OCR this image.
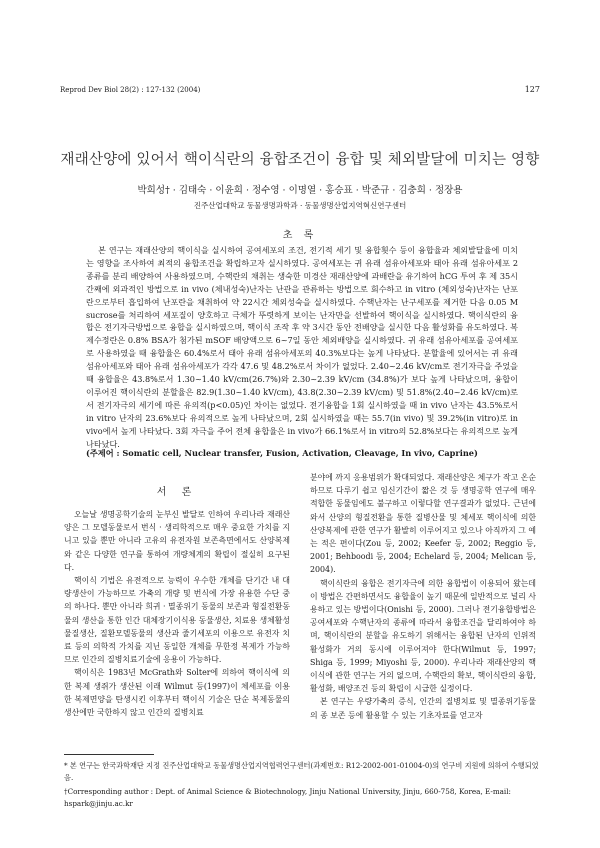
Reprod Dev Biol 28(2) : 127-132 (2004)	127
재래산양에 있어서 핵이식란의 융합조건이 융합 및 체외발달에 미치는 영향
박희성† · 김태숙 · 이윤희 · 정수영 · 이명열 · 홍승표 · 박준규 · 김충희 · 정장용
진주산업대학교 동물생명과학과 · 동물생명산업지역혁신연구센터
초 록

본 연구는 재래산양의 핵이식을 실시하여 공여세포의 조건, 전기적 세기 및 융합횟수 등이 융합율과 체외발달율에 미치는 영향을 조사하여 최적의 융합조건을 확립하고자 실시하였다. 공여세포는 귀 유래 섬유아세포와 태아 유래 섬유아세포 2종류를 분리 배양하여 사용하였으며, 수핵란의 채취는 생숙한 미경산 재래산양에 과배란을 유기하여 hCG 투여 후 제 35시간째에 외과적인 방법으로 in vivo (체내성숙)난자는 난관을 관류하는 방법으로 회수하고 in vitro (체외성숙)난자는 난포란으로부터 흡입하여 난포란을 채취하여 약 22시간 체외성숙을 실시하였다. 수핵난자는 난구세포를 제거한 다음 0.05 M sucrose를 처리하여 세포질이 양호하고 극체가 뚜렷하게 보이는 난자만을 선발하여 핵이식을 실시하였다. 핵이식란의 융합은 전기자극방법으로 융합을 실시하였으며, 핵이식 조작 후 약 3시간 동안 전배양을 실시한 다음 활성화를 유도하였다. 복제수정란은 0.8% BSA가 첨가된 mSOF 배양액으로 6~7일 동안 체외배양을 실시하였다. 귀 유래 섬유아세포를 공여세포로 사용하였을 때 융합율은 60.4%로서 태아 유래 섬유아세포의 40.3%보다는 높게 나타났다. 분할율에 있어서는 귀 유래 섬유아세포와 태아 유래 섬유아세포가 각각 47.6 및 48.2%로서 차이가 없었다. 2.40~2.46 kV/cm로 전기자극을 주었을 때 융합율은 43.8%로서 1.30~1.40 kV/cm(26.7%)와 2.30~2.39 kV/cm (34.8%)가 보다 높게 나타났으며, 융합이 이루어진 핵이식란의 분할율은 82.9(1.30~1.40 kV/cm), 43.8(2.30~2.39 kV/cm) 및 51.8%(2.40~2.46 kV/cm)로서 전기자극의 세기에 따른 유의적(p<0.05)인 차이는 없었다. 전기융합을 1회 실시하였을 때 in vivo 난자는 43.5%로서 in vitro 난자의 23.6%보다 유의적으로 높게 나타났으며, 2회 실시하였을 때는 55.7(in vivo) 및 39.2%(in vitro)로 in vivo에서 높게 나타났다. 3회 자극을 주어 전체 융합율은 in vivo가 66.1%로서 in vitro의 52.8%보다는 유의적으로 높게 나타났다.

(주제어 : Somatic cell, Nuclear transfer, Fusion, Activation, Cleavage, In vivo, Caprine)
서 론

오늘날 생명공학기술의 눈부신 발달로 인하여 우리나라 재래산양은 그 모델동물로서 번식 · 생리학적으로 매우 중요한 가치를 지니고 있을 뿐만 아니라 고유의 유전자원 보존측면에서도 산양복제와 같은 다양한 연구를 통하여 개량체계의 확립이 절실히 요구된다.

핵이식 기법은 유전적으로 능력이 우수한 개체를 단기간 내 대량생산이 가능하므로 가축의 개량 및 번식에 가장 유용한 수단 중의 하나다. 뿐만 아니라 희귀 · 멸종위기 동물의 보존과 형질전환동물의 생산을 통한 인간 대체장기이식용 동물생산, 치료용 생체활성물질생산, 질환모델동물의 생산과 줄기세포의 이용으로 유전자 치료 등의 의학적 가치를 지닌 동일한 개체를 무한정 복제가 가능하므로 인간의 질병치료기술에 응용이 가능하다.

핵이식은 1983년 McGrath와 Solter에 의하여 핵이식에 의한 복제 생쥐가 생산된 이래 Wilmut 등(1997)이 체세포를 이용한 복제면양을 탄생시킨 이후부터 핵이식 기술은 단순 복제동물의 생산에만 국한하지 않고 인간의 질병치료

분야에 까지 응용범위가 확대되었다. 재래산양은 체구가 작고 온순하므로 다루기 쉽고 임신기간이 짧은 것 등 생명공학 연구에 매우 적합한 동물임에도 불구하고 이렇다할 연구결과가 없었다. 근년에 와서 산양의 형질전환을 통한 질병산물 및 체세포 핵이식에 의한 산양복제에 관한 연구가 활발히 이루어지고 있으나 아직까지 그 예는 적은 편이다(Zou 등, 2002; Keefer 등, 2002; Reggio 등, 2001; Behboodi 등, 2004; Echelard 등, 2004; Melican 등, 2004).

핵이식란의 융합은 전기자극에 의한 융합법이 이용되어 왔는데 이 방법은 간편하면서도 융합율이 높기 때문에 일반적으로 널리 사용하고 있는 방법이다(Onishi 등, 2000). 그러나 전기융합방법은 공여세포와 수핵난자의 종류에 따라서 융합조건을 달리하여야 하며, 핵이식란의 분할을 유도하기 위해서는 융합된 난자의 인위적 활성화가 거의 동시에 이루어져야 한다(Wilmut 등, 1997; Shiga 등, 1999; Miyoshi 등, 2000). 우리나라 재래산양의 핵이식에 관한 연구는 거의 없으며, 수핵란의 확보, 핵이식란의 융합, 활성화, 배양조건 등의 확립이 시급한 실정이다.

본 연구는 우량가축의 증식, 인간의 질병치료 및 멸종위기동물의 종 보존 등에 활용할 수 있는 기초자료를 얻고자

* 본 연구는 한국과학재단 지정 진주산업대학교 동물생명산업지역협력연구센터(과제번호: R12-2002-001-01004-0)의 연구비 지원에 의하여 수행되었음.
†Corresponding author : Dept. of Animal Science & Biotechnology, Jinju National University, Jinju, 660-758, Korea, E-mail: hspark@jinju.ac.kr
